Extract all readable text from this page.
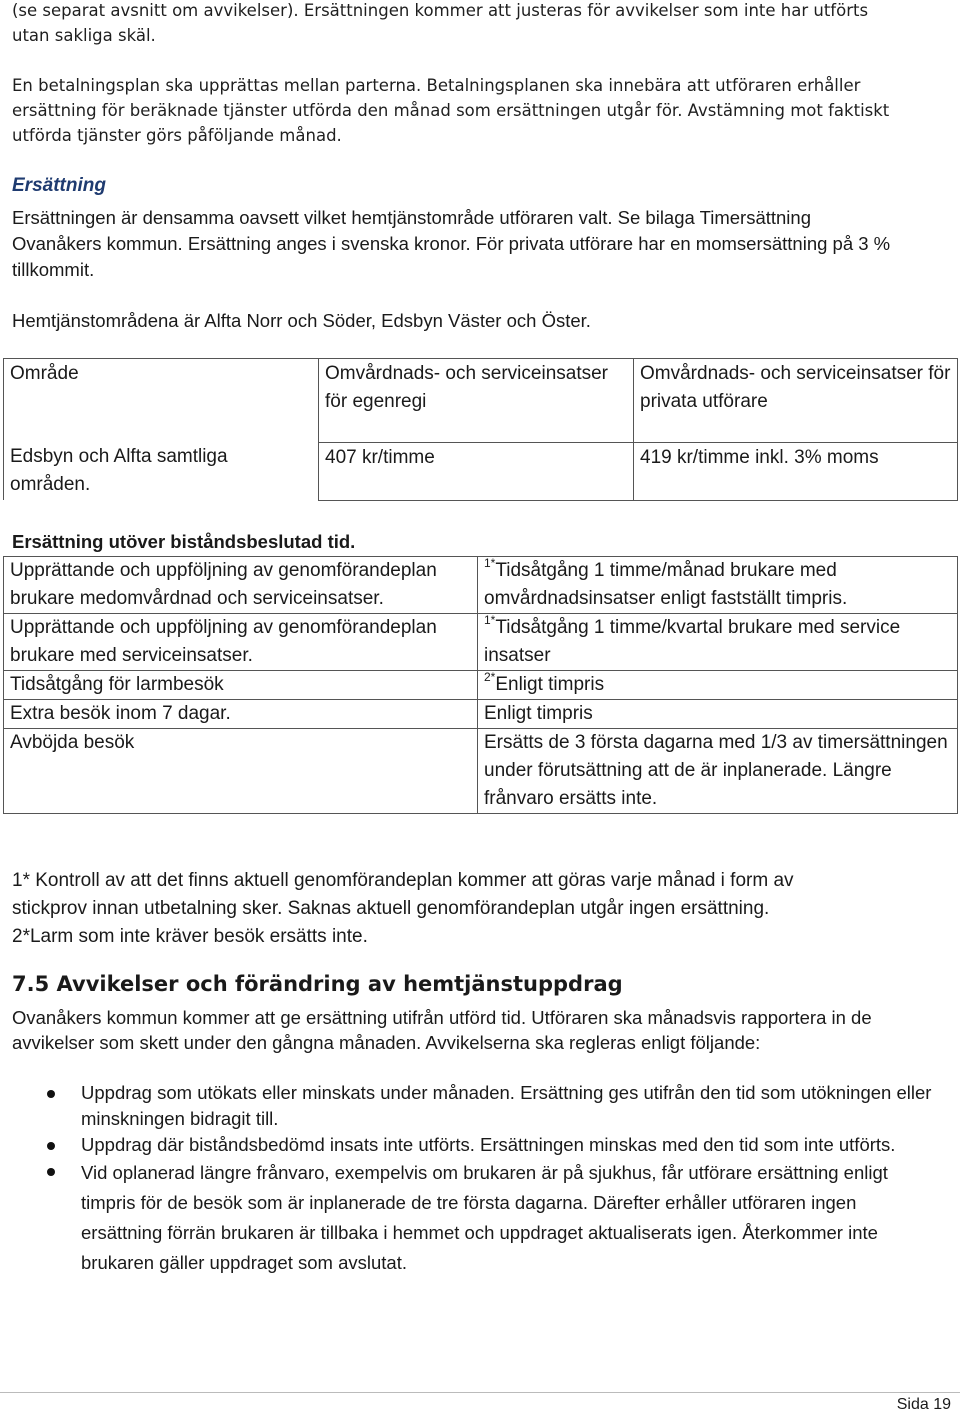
(se separat avsnitt om avvikelser). Ersättningen kommer att justeras för avvikelser som inte har utförts

utan sakliga skäl.

En betalningsplan ska upprättas mellan parterna. Betalningsplanen ska innebära att utföraren erhåller

ersättning för beräknade tjänster utförda den månad som ersättningen utgår för. Avstämning mot faktiskt

utförda tjänster görs påföljande månad.

Ersättning

Ersättningen är densamma oavsett vilket hemtjänstområde utföraren valt. Se bilaga Timersättning

Ovanåkers kommun. Ersättning anges i svenska kronor. För privata utförare har en momsersättning på 3 %

tillkommit.

Hemtjänstområdena är Alfta Norr och Söder, Edsbyn Väster och Öster.

Område	Omvårdnads- och serviceinsatser för egenregi	Omvårdnads- och serviceinsatser för privata utförare
Edsbyn och Alfta samtliga områden.	407 kr/timme	419 kr/timme inkl. 3% moms

Ersättning utöver biståndsbeslutad tid.

Upprättande och uppföljning av genomförandeplan brukare medomvårdnad och serviceinsatser.	$^{1*}$Tidsåtgång 1 timme/månad brukare med omvårdnadsinsatser enligt fastställt timpris.
Upprättande och uppföljning av genomförandeplan brukare med serviceinsatser.	$^{1*}$Tidsåtgång 1 timme/kvartal brukare med service insatser
Tidsåtgång för larmbesök	$^{2*}$Enligt timpris
Extra besök inom 7 dagar.	Enligt timpris
Avböjda besök	Ersätts de 3 första dagarna med 1/3 av timersättningen under förutsättning att de är inplanerade. Längre frånvaro ersätts inte.

1* Kontroll av att det finns aktuell genomförandeplan kommer att göras varje månad i form av

stickprov innan utbetalning sker. Saknas aktuell genomförandeplan utgår ingen ersättning.

2*Larm som inte kräver besök ersätts inte.

7.5 Avvikelser och förändring av hemtjänstuppdrag

Ovanåkers kommun kommer att ge ersättning utifrån utförd tid. Utföraren ska månadsvis rapportera in de

avvikelser som skett under den gångna månaden. Avvikelserna ska regleras enligt följande:

Uppdrag som utökats eller minskats under månaden. Ersättning ges utifrån den tid som utökningen eller minskningen bidragit till.
Uppdrag där biståndsbedömd insats inte utförts. Ersättningen minskas med den tid som inte utförts.
Vid oplanerad längre frånvaro, exempelvis om brukaren är på sjukhus, får utförare ersättning enligt timpris för de besök som är inplanerade de tre första dagarna. Därefter erhåller utföraren ingen ersättning förrän brukaren är tillbaka i hemmet och uppdraget aktualiserats igen. Återkommer inte brukaren gäller uppdraget som avslutat.
Sida 19
